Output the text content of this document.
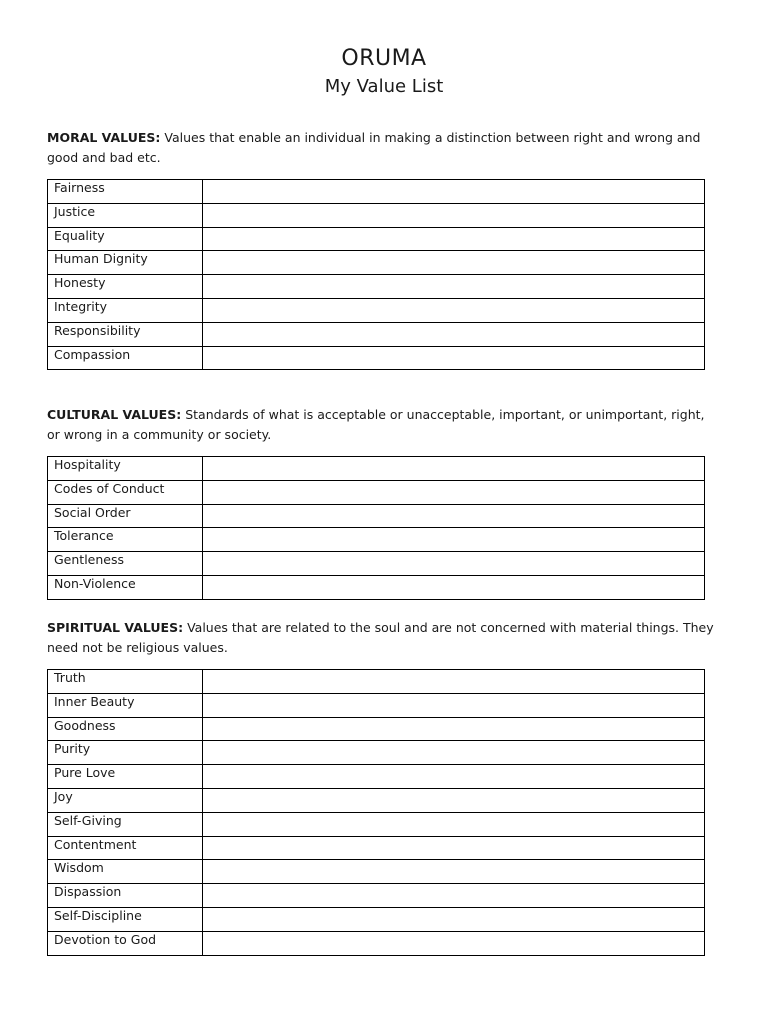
ORUMA
My Value List

MORAL VALUES: Values that enable an individual in making a distinction between right and wrong and good and bad etc.

Fairness	
Justice	
Equality	
Human Dignity	
Honesty	
Integrity	
Responsibility	
Compassion	

CULTURAL VALUES: Standards of what is acceptable or unacceptable, important, or unimportant, right, or wrong in a community or society.

Hospitality	
Codes of Conduct	
Social Order	
Tolerance	
Gentleness	
Non-Violence	

SPIRITUAL VALUES: Values that are related to the soul and are not concerned with material things. They need not be religious values.

Truth	
Inner Beauty	
Goodness	
Purity	
Pure Love	
Joy	
Self-Giving	
Contentment	
Wisdom	
Dispassion	
Self-Discipline	
Devotion to God	
